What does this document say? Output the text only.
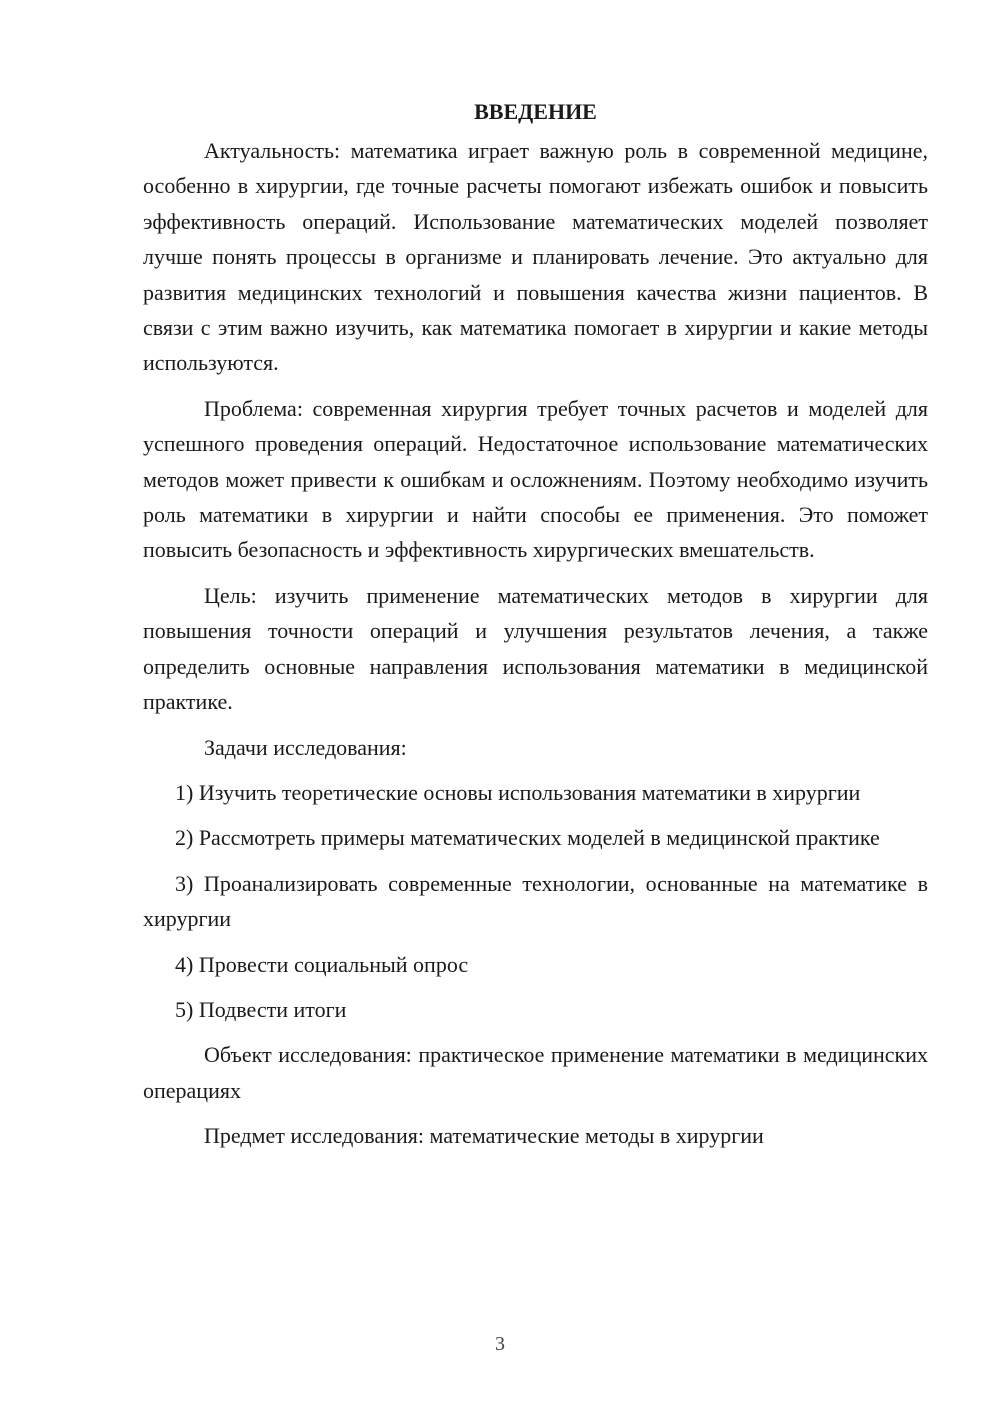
ВВЕДЕНИЕ

Актуальность: математика играет важную роль в современной медицине, особенно в хирургии, где точные расчеты помогают избежать ошибок и повысить эффективность операций. Использование математических моделей позволяет лучше понять процессы в организме и планировать лечение. Это актуально для развития медицинских технологий и повышения качества жизни пациентов. В связи с этим важно изучить, как математика помогает в хирургии и какие методы используются.

Проблема: современная хирургия требует точных расчетов и моделей для успешного проведения операций. Недостаточное использование математических методов может привести к ошибкам и осложнениям. Поэтому необходимо изучить роль математики в хирургии и найти способы ее применения. Это поможет повысить безопасность и эффективность хирургических вмешательств.

Цель: изучить применение математических методов в хирургии для повышения точности операций и улучшения результатов лечения, а также определить основные направления использования математики в медицинской практике.

Задачи исследования:

1) Изучить теоретические основы использования математики в хирургии

2) Рассмотреть примеры математических моделей в медицинской практике

3) Проанализировать современные технологии, основанные на математике в хирургии

4) Провести социальный опрос

5) Подвести итоги

Объект исследования: практическое применение математики в медицинских операциях

Предмет исследования: математические методы в хирургии

3
